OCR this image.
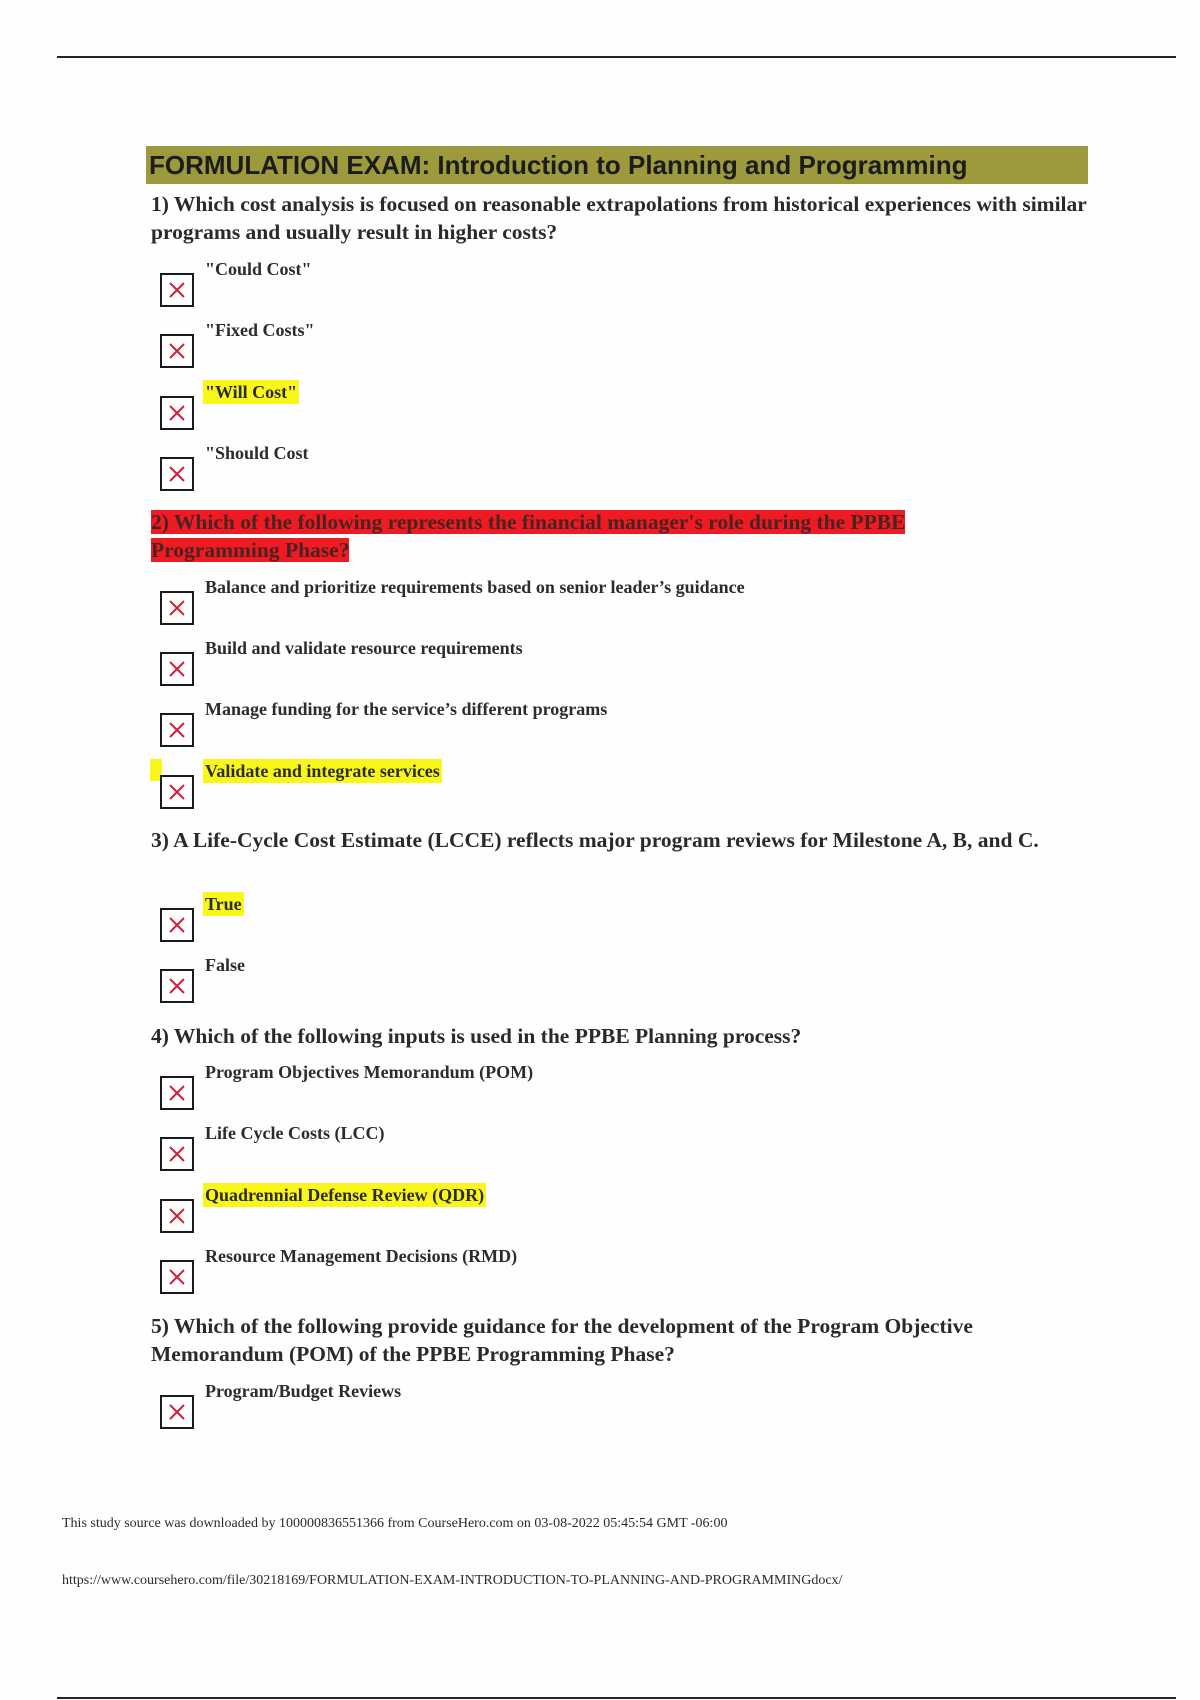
FORMULATION EXAM: Introduction to Planning and Programming
1) Which cost analysis is focused on reasonable extrapolations from historical experiences with similar programs and usually result in higher costs?
"Could Cost"
"Fixed Costs"
"Will Cost"
"Should Cost
2) Which of the following represents the financial manager's role during the PPBE Programming Phase?
Balance and prioritize requirements based on senior leader’s guidance
Build and validate resource requirements
Manage funding for the service’s different programs
Validate and integrate services
3) A Life-Cycle Cost Estimate (LCCE) reflects major program reviews for Milestone A, B, and C.
True
False
4) Which of the following inputs is used in the PPBE Planning process?
Program Objectives Memorandum (POM)
Life Cycle Costs (LCC)
Quadrennial Defense Review (QDR)
Resource Management Decisions (RMD)
5) Which of the following provide guidance for the development of the Program Objective Memorandum (POM) of the PPBE Programming Phase?
Program/Budget Reviews
This study source was downloaded by 100000836551366 from CourseHero.com on 03-08-2022 05:45:54 GMT -06:00
https://www.coursehero.com/file/30218169/FORMULATION-EXAM-INTRODUCTION-TO-PLANNING-AND-PROGRAMMINGdocx/
